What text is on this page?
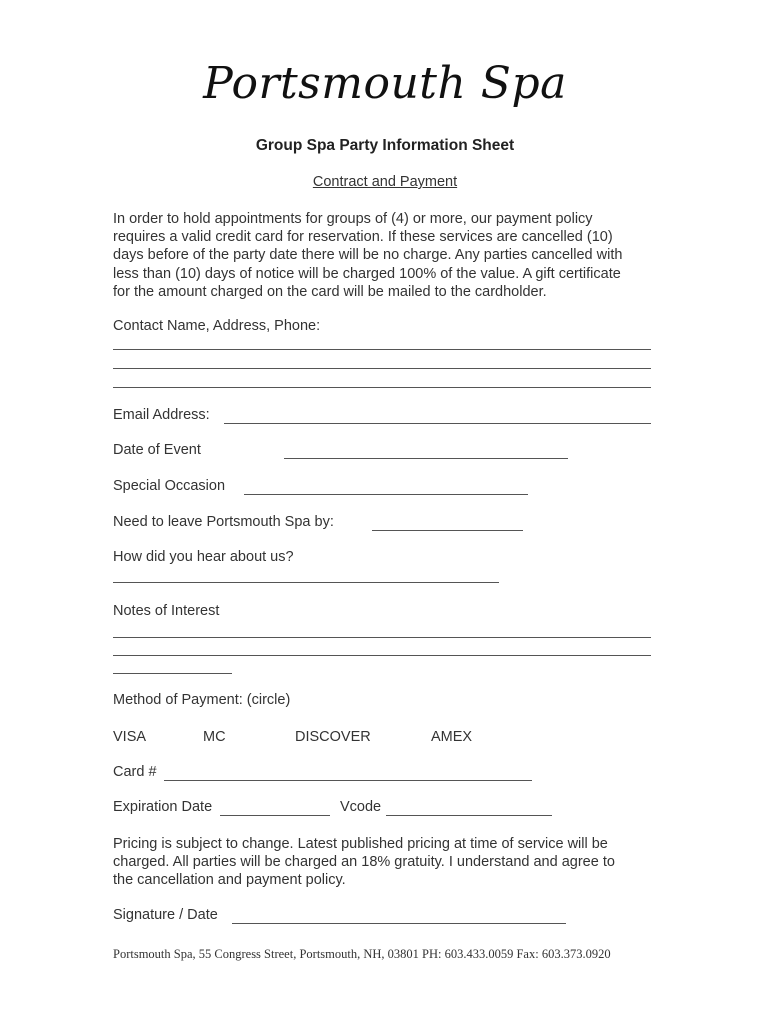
Portsmouth Spa
Group Spa Party Information Sheet
Contract and Payment
In order to hold appointments for groups of (4) or more, our payment policy
requires a valid credit card for reservation. If these services are cancelled (10)
days before of the party date there will be no charge. Any parties cancelled with
less than (10) days of notice will be charged 100% of the value. A gift certificate
for the amount charged on the card will be mailed to the cardholder.
Contact Name, Address, Phone:
Email Address:
Date of Event
Special Occasion
Need to leave Portsmouth Spa by:
How did you hear about us?
Notes of Interest
Method of Payment: (circle)
VISA	MC	DISCOVER	AMEX
Card #
Expiration Date	Vcode
Pricing is subject to change. Latest published pricing at time of service will be
charged. All parties will be charged an 18% gratuity. I understand and agree to
the cancellation and payment policy.
Signature / Date
Portsmouth Spa, 55 Congress Street, Portsmouth, NH, 03801 PH: 603.433.0059 Fax: 603.373.0920
